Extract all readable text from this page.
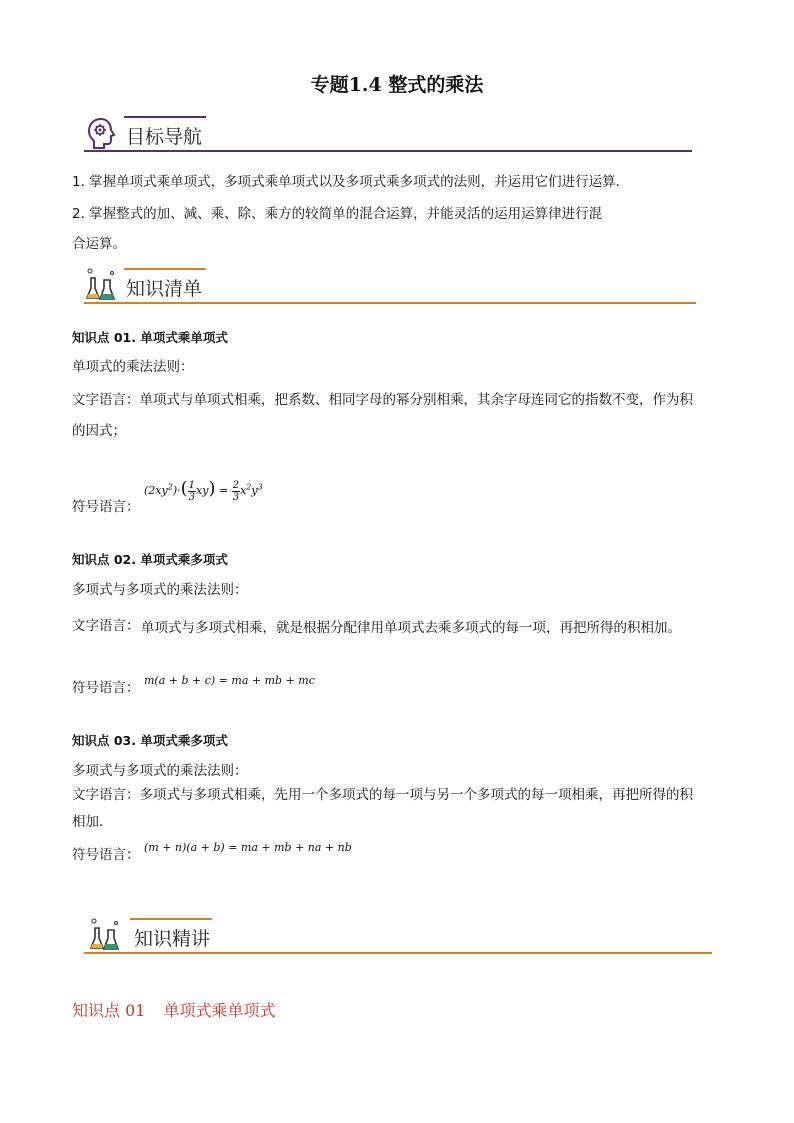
专题1.4 整式的乘法
目标导航
1. 掌握单项式乘单项式，多项式乘单项式以及多项式乘多项式的法则，并运用它们进行运算．
2. 掌握整式的加、减、乘、除、乘方的较简单的混合运算，并能灵活的运用运算律进行混
合运算。
知识清单
知识点 01. 单项式乘单项式
单项式的乘法法则：
文字语言：单项式与单项式相乘，把系数、相同字母的幂分别相乘，其余字母连同它的指数不变，作为积
的因式；
符号语言：
$(2xy^2)\cdot( \frac{1}{3} xy) = \frac{2}{3} x^2y^3$
知识点 02. 单项式乘多项式
多项式与多项式的乘法法则：
文字语言： 单项式与多项式相乘，就是根据分配律用单项式去乘多项式的每一项，再把所得的积相加。
符号语言： m(a + b + c) = ma + mb + mc
知识点 03. 单项式乘多项式
多项式与多项式的乘法法则：
文字语言：多项式与多项式相乘，先用一个多项式的每一项与另一个多项式的每一项相乘，再把所得的积
相加．
符号语言： (m + n)(a + b) = ma + mb + na + nb
知识精讲
知识点 01 单项式乘单项式
